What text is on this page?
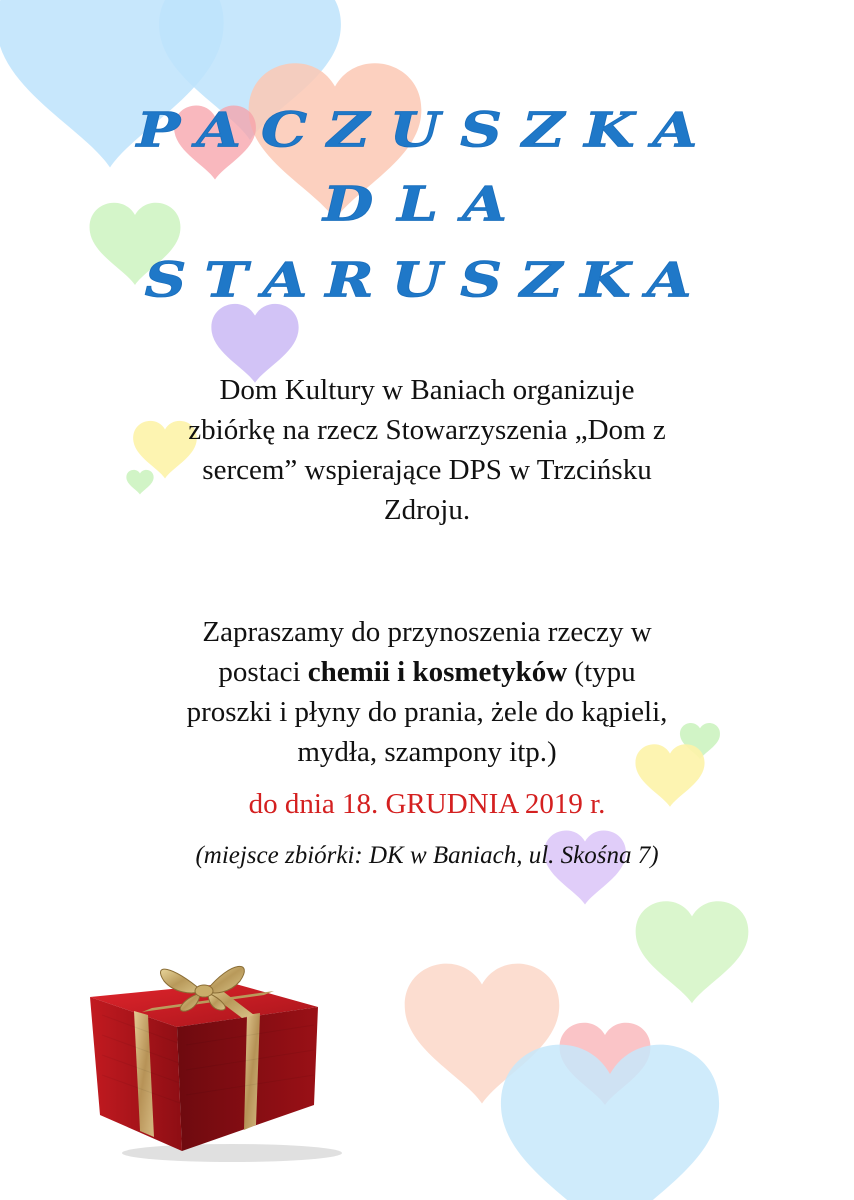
PACZUSZKA
DLA
STARUSZKA

Dom Kultury w Baniach organizuje
zbiórkę na rzecz Stowarzyszenia „Dom z
sercem” wspierające DPS w Trzcińsku
Zdroju.

Zapraszamy do przynoszenia rzeczy w
postaci chemii i kosmetyków (typu
proszki i płyny do prania, żele do kąpieli,
mydła, szampony itp.)

do dnia 18. GRUDNIA 2019 r.
(miejsce zbiórki: DK w Baniach, ul. Skośna 7)
